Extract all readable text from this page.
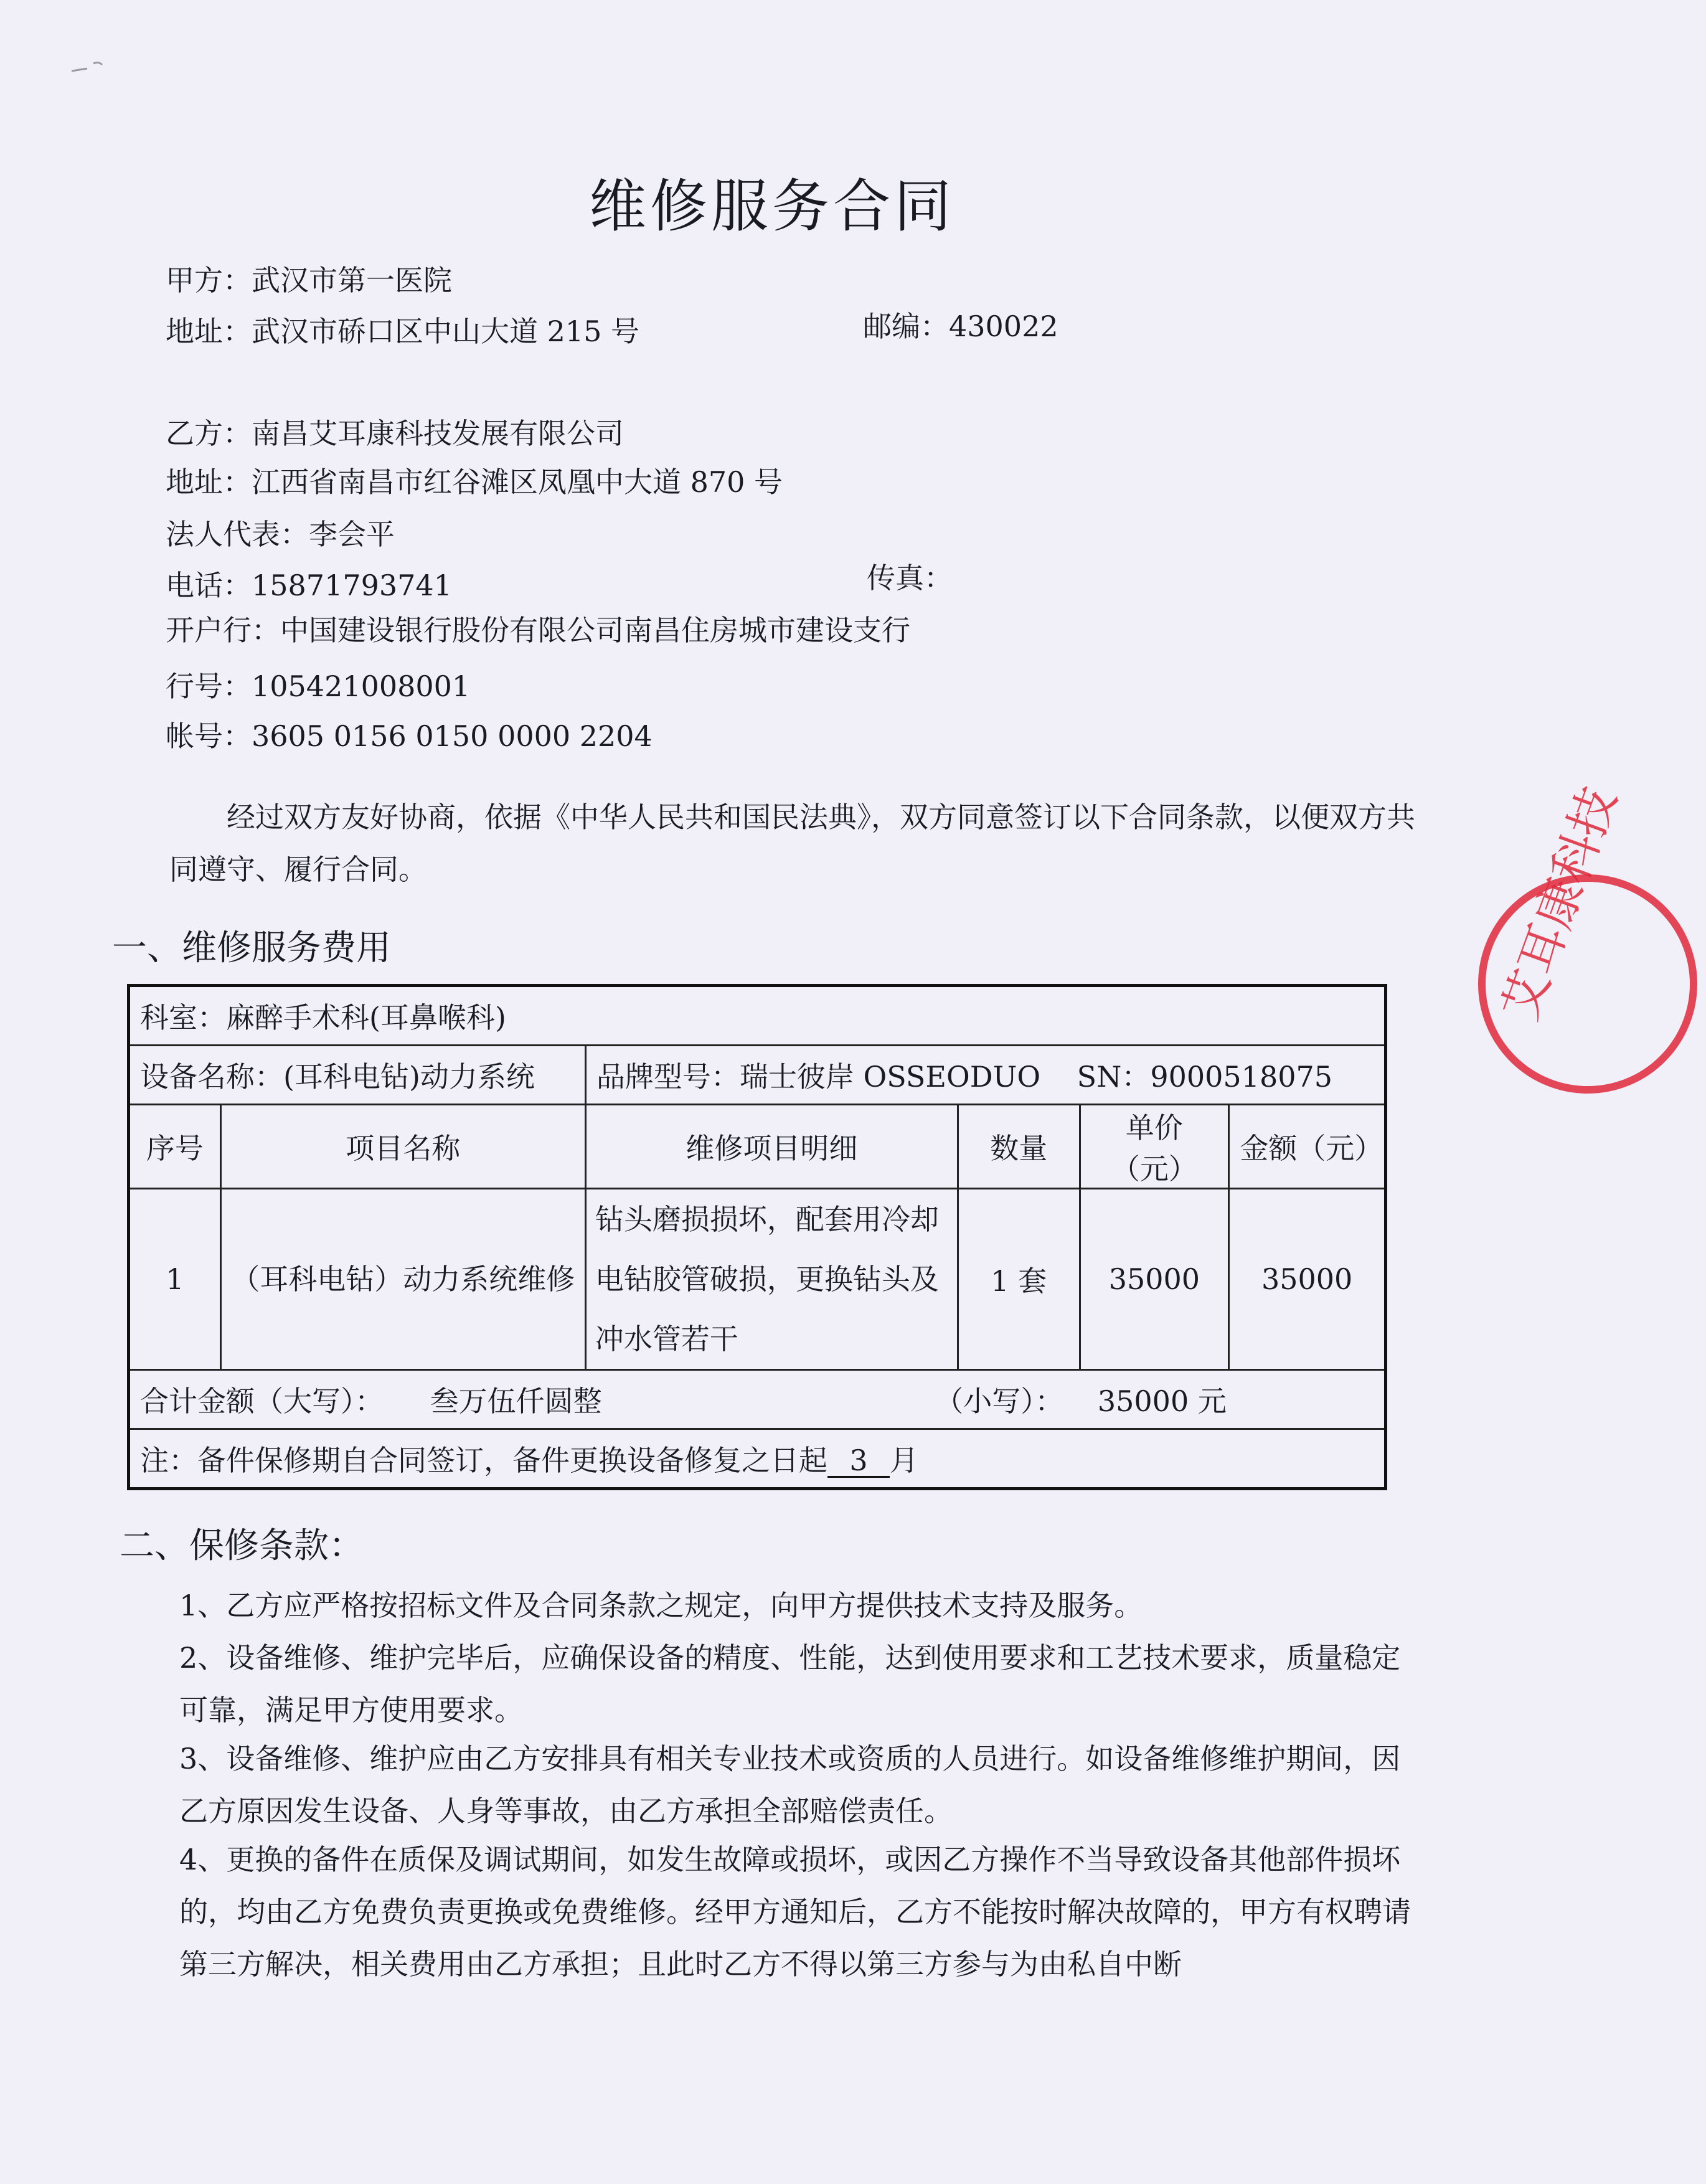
维修服务合同
甲方：武汉市第一医院
地址：武汉市硚口区中山大道 215 号	邮编：430022
乙方：南昌艾耳康科技发展有限公司
地址：江西省南昌市红谷滩区凤凰中大道 870 号
法人代表：李会平
电话：15871793741	传真：
开户行：中国建设银行股份有限公司南昌住房城市建设支行
行号：105421008001
帐号：3605 0156 0150 0000 2204
经过双方友好协商，依据《中华人民共和国民法典》，双方同意签订以下合同条款，以便双方共同遵守、履行合同。
一、维修服务费用
科室：麻醉手术科(耳鼻喉科)					
设备名称：(耳科电钻)动力系统		品牌型号：瑞士彼岸 OSSEODUO SN：9000518075			
序号	项目名称	维修项目明细	数量	单价（元）	金额（元）
1	（耳科电钻）动力系统维修	钻头磨损损坏，配套用冷却电钻胶管破损，更换钻头及冲水管若干	1 套	35000	35000
合计金额（大写）： 叁万伍仟圆整 （小写）： 35000 元					
注：备件保修期自合同签订，备件更换设备修复之日起 3 月					
二、保修条款：
1、乙方应严格按招标文件及合同条款之规定，向甲方提供技术支持及服务。
2、设备维修、维护完毕后，应确保设备的精度、性能，达到使用要求和工艺技术要求，质量稳定可靠，满足甲方使用要求。
3、设备维修、维护应由乙方安排具有相关专业技术或资质的人员进行。如设备维修维护期间，因乙方原因发生设备、人身等事故，由乙方承担全部赔偿责任。
4、更换的备件在质保及调试期间，如发生故障或损坏，或因乙方操作不当导致设备其他部件损坏的，均由乙方免费负责更换或免费维修。经甲方通知后，乙方不能按时解决故障的，甲方有权聘请第三方解决，相关费用由乙方承担；且此时乙方不得以第三方参与为由私自中断
艾耳康科技
